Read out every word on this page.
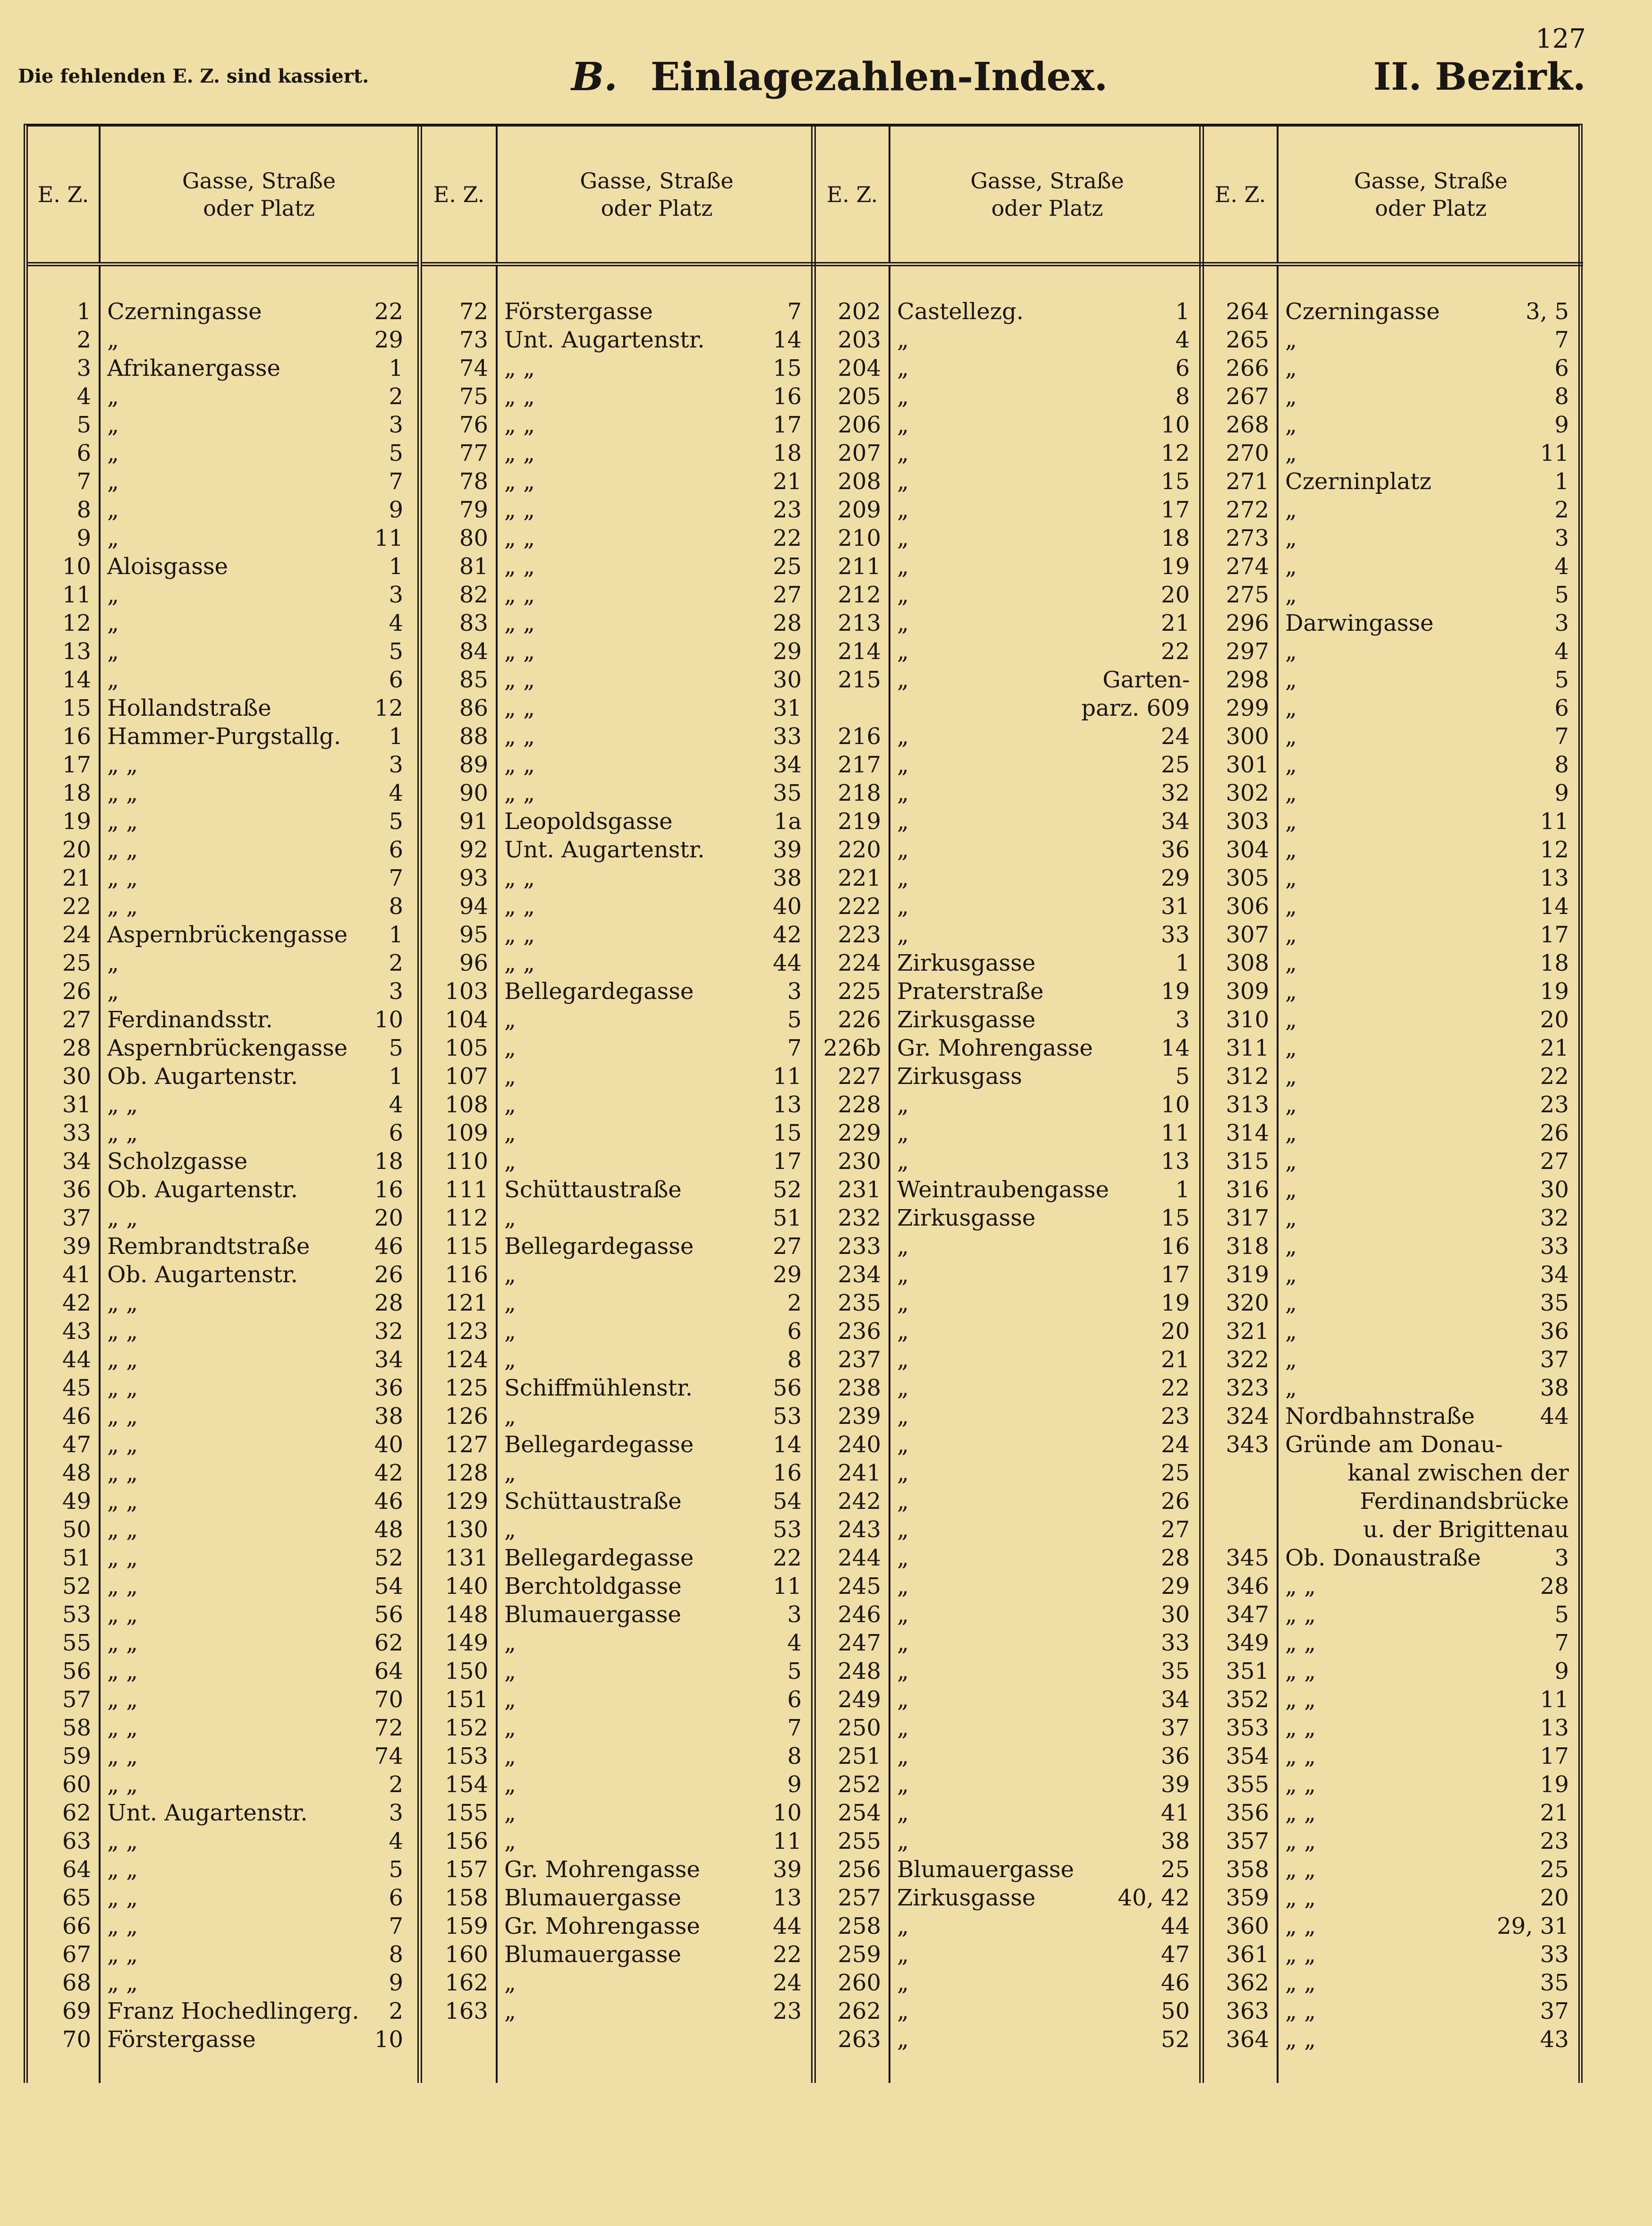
127
Die fehlenden E. Z. sind kassiert.	B. Einlagezahlen-Index.	II. Bezirk.
E. Z.
Gasse, Straße
oder Platz
1 Czerningasse	22
2 „	29
3 Afrikanergasse	1
4 „	2
5 „	3
6 „	5
7 „	7
8 „	9
9 „	11
10 Aloisgasse	1
11 „	3
12 „	4
13 „	5
14 „	6
15 Hollandstraße	12
16 Hammer-Purgstallg. 1
17 „ „	3
18 „ „	4
19 „ „	5
20 „ „	6
21 „ „	7
22 „ „	8
24 Aspernbrückengasse 1
25 „	2
26 „	3
27 Ferdinandsstr.	10
28 Aspernbrückengasse 5
30 Ob. Augartenstr.	1
31 „ „	4
33 „ „	6
34 Scholzgasse	18
36 Ob. Augartenstr.	16
37 „ „	20
39 Rembrandtstraße	46
41 Ob. Augartenstr.	26
42 „ „	28
43 „ „	32
44 „ „	34
45 „ „	36
46 „ „	38
47 „ „	40
48 „ „	42
49 „ „	46
50 „ „	48
51 „ „	52
52 „ „	54
53 „ „	56
55 „ „	62
56 „ „	64
57 „ „	70
58 „ „	72
59 „ „	74
60 „ „	2
62 Unt. Augartenstr.	3
63 „ „	4
64 „ „	5
65 „ „	6
66 „ „	7
67 „ „	8
68 „ „	9
69 Franz Hochedlingerg. 2
70 Förstergasse	10
E. Z.
Gasse, Straße
oder Platz
72 Förstergasse	7
73 Unt. Augartenstr.	14
74 „ „	15
75 „ „	16
76 „ „	17
77 „ „	18
78 „ „	21
79 „ „	23
80 „ „	22
81 „ „	25
82 „ „	27
83 „ „	28
84 „ „	29
85 „ „	30
86 „ „	31
88 „ „	33
89 „ „	34
90 „ „	35
91 Leopoldsgasse	1a
92 Unt. Augartenstr.	39
93 „ „	38
94 „ „	40
95 „ „	42
96 „ „	44
103 Bellegardegasse	3
104 „	5
105 „	7
107 „	11
108 „	13
109 „	15
110 „	17
111 Schüttaustraße	52
112 „	51
115 Bellegardegasse	27
116 „	29
121 „	2
123 „	6
124 „	8
125 Schiffmühlenstr.	56
126 „	53
127 Bellegardegasse	14
128 „	16
129 Schüttaustraße	54
130 „	53
131 Bellegardegasse	22
140 Berchtoldgasse	11
148 Blumauergasse	3
149 „	4
150 „	5
151 „	6
152 „	7
153 „	8
154 „	9
155 „	10
156 „	11
157 Gr. Mohrengasse	39
158 Blumauergasse	13
159 Gr. Mohrengasse	44
160 Blumauergasse	22
162 „	24
163 „	23
E. Z.
Gasse, Straße
oder Platz
202 Castellezg.	1
203 „	4
204 „	6
205 „	8
206 „	10
207 „	12
208 „	15
209 „	17
210 „	18
211 „	19
212 „	20
213 „	21
214 „	22
215 „	Garten-
parz. 609
216 „	24
217 „	25
218 „	32
219 „	34
220 „	36
221 „	29
222 „	31
223 „	33
224 Zirkusgasse	1
225 Praterstraße	19
226 Zirkusgasse	3
226b Gr. Mohrengasse	14
227 Zirkusgass	5
228 „	10
229 „	11
230 „	13
231 Weintraubengasse	1
232 Zirkusgasse	15
233 „	16
234 „	17
235 „	19
236 „	20
237 „	21
238 „	22
239 „	23
240 „	24
241 „	25
242 „	26
243 „	27
244 „	28
245 „	29
246 „	30
247 „	33
248 „	35
249 „	34
250 „	37
251 „	36
252 „	39
254 „	41
255 „	38
256 Blumauergasse	25
257 Zirkusgasse	40, 42
258 „	44
259 „	47
260 „	46
262 „	50
263 „	52
E. Z.
Gasse, Straße
oder Platz
264 Czerningasse	3, 5
265 „	7
266 „	6
267 „	8
268 „	9
270 „	11
271 Czerninplatz	1
272 „	2
273 „	3
274 „	4
275 „	5
296 Darwingasse	3
297 „	4
298 „	5
299 „	6
300 „	7
301 „	8
302 „	9
303 „	11
304 „	12
305 „	13
306 „	14
307 „	17
308 „	18
309 „	19
310 „	20
311 „	21
312 „	22
313 „	23
314 „	26
315 „	27
316 „	30
317 „	32
318 „	33
319 „	34
320 „	35
321 „	36
322 „	37
323 „	38
324 Nordbahnstraße	44
343 Gründe am Donau-
kanal zwischen der
Ferdinandsbrücke
u. der Brigittenau
345 Ob. Donaustraße	3
346 „ „	28
347 „ „	5
349 „ „	7
351 „ „	9
352 „ „	11
353 „ „	13
354 „ „	17
355 „ „	19
356 „ „	21
357 „ „	23
358 „ „	25
359 „ „	20
360 „ „	29, 31
361 „ „	33
362 „ „	35
363 „ „	37
364 „ „	43
